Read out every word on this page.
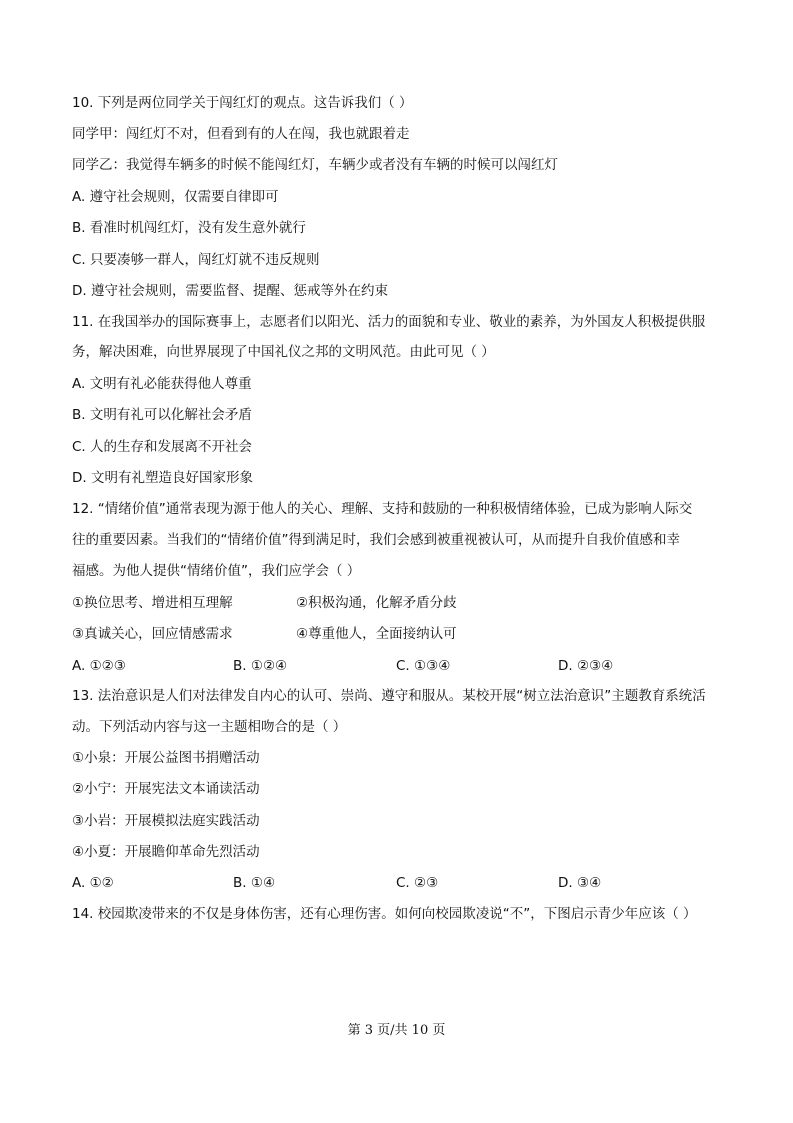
10. 下列是两位同学关于闯红灯的观点。这告诉我们（ ）
同学甲：闯红灯不对，但看到有的人在闯，我也就跟着走
同学乙：我觉得车辆多的时候不能闯红灯，车辆少或者没有车辆的时候可以闯红灯
A. 遵守社会规则，仅需要自律即可
B. 看准时机闯红灯，没有发生意外就行
C. 只要凑够一群人，闯红灯就不违反规则
D. 遵守社会规则，需要监督、提醒、惩戒等外在约束
11. 在我国举办的国际赛事上，志愿者们以阳光、活力的面貌和专业、敬业的素养，为外国友人积极提供服
务，解决困难，向世界展现了中国礼仪之邦的文明风范。由此可见（ ）
A. 文明有礼必能获得他人尊重
B. 文明有礼可以化解社会矛盾
C. 人的生存和发展离不开社会
D. 文明有礼塑造良好国家形象
12. “情绪价值”通常表现为源于他人的关心、理解、支持和鼓励的一种积极情绪体验，已成为影响人际交
往的重要因素。当我们的“情绪价值”得到满足时，我们会感到被重视被认可，从而提升自我价值感和幸
福感。为他人提供“情绪价值”，我们应学会（ ）
①换位思考、增进相互理解	②积极沟通，化解矛盾分歧
③真诚关心，回应情感需求	④尊重他人，全面接纳认可
A. ①②③	B. ①②④	C. ①③④	D. ②③④
13. 法治意识是人们对法律发自内心的认可、崇尚、遵守和服从。某校开展“树立法治意识”主题教育系统活
动。下列活动内容与这一主题相吻合的是（ ）
①小泉：开展公益图书捐赠活动
②小宁：开展宪法文本诵读活动
③小岩：开展模拟法庭实践活动
④小夏：开展瞻仰革命先烈活动
A. ①②	B. ①④	C. ②③	D. ③④
14. 校园欺凌带来的不仅是身体伤害，还有心理伤害。如何向校园欺凌说“不”，下图启示青少年应该（ ）
第 3 页/共 10 页
